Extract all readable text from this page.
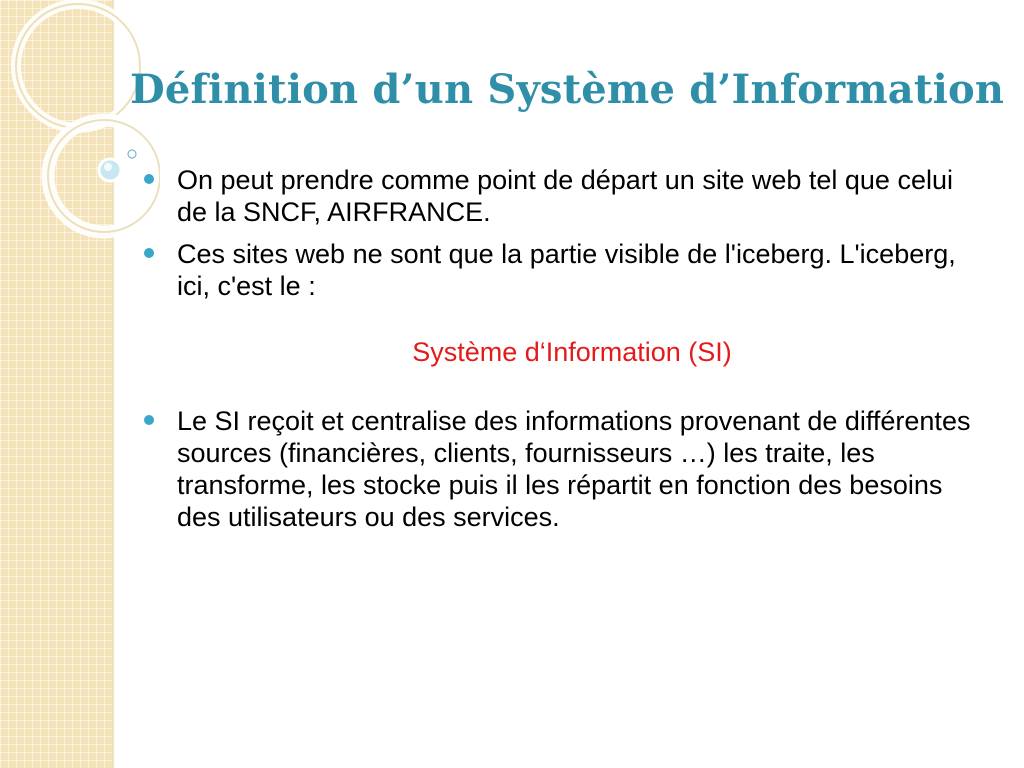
Définition d’un Système d’Information
On peut prendre comme point de départ un site web tel que celui de la SNCF, AIRFRANCE.
Ces sites web ne sont que la partie visible de l'iceberg. L'iceberg, ici, c'est le :
Système d‘Information (SI)
Le SI reçoit et centralise des informations provenant de différentes sources (financières, clients, fournisseurs …) les traite, les transforme, les stocke puis il les répartit en fonction des besoins des utilisateurs ou des services.
